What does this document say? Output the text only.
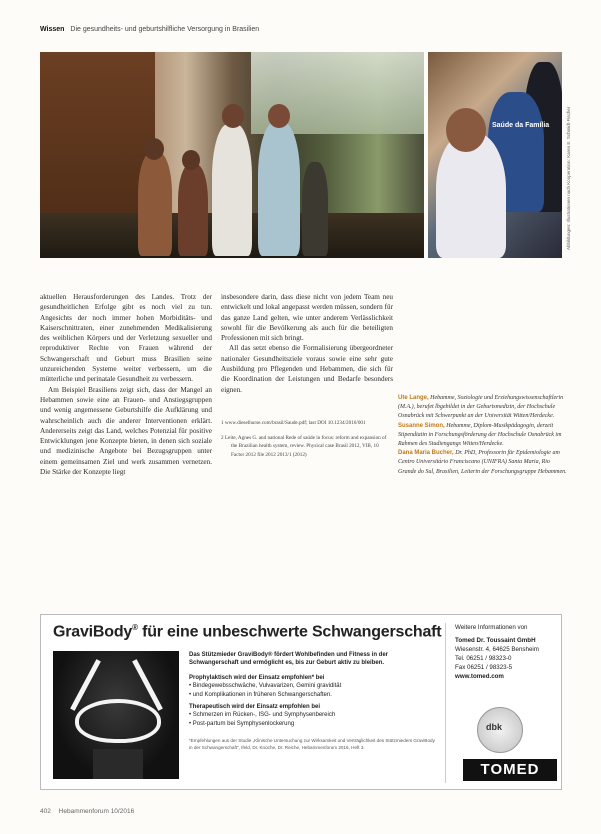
Wissen Die gesundheits- und geburtshilfliche Versorgung in Brasilien
Saúde da Família	Abbildungen: Illustrationen nach Kooperation: Karen E. Schmidt-Fischer

aktuellen Herausforderungen des Landes. Trotz der gesundheitlichen Erfolge gibt es noch viel zu tun. Angesichts der noch immer hohen Morbiditäts- und Kaiserschnittraten, einer zunehmenden Medikalisierung des weiblichen Körpers und der Verletzung sexueller und reproduktiver Rechte von Frauen während der Schwangerschaft und Geburt muss Brasilien seine unzureichenden Systeme weiter verbessern, um die mütterliche und perinatale Gesundheit zu verbessern.

Am Beispiel Brasiliens zeigt sich, dass der Mangel an Hebammen sowie eine an Frauen- und Anstiegsgruppen und wenig angemessene Geburtshilfe die Aufklärung und wahrscheinlich auch die anderer Interventionen erklärt. Andererseits zeigt das Land, welches Potenzial für positive Entwicklungen jene Konzepte bieten, in denen sich soziale und medizinische Angebote bei Bezugsgruppen unter einem gemeinsamen Ziel und werk zusammen vernetzen. Die Stärke der Konzepte liegt

insbesondere darin, dass diese nicht von jedem Team neu entwickelt und lokal angepasst werden müssen, sondern für das ganze Land gelten, wie unter anderem Verlässlichkeit sowohl für die Bevölkerung als auch für die beteiligten Professionen mit sich bringt.

All das setzt ebenso die Formalisierung übergeordneter nationaler Gesundheitsziele voraus sowie eine sehr gute Ausbildung pro Pflegenden und Hebammen, die sich für die Koordination der Leistungen und Bedarfe besonders eignen.

1 www.dieselhurse.com/brasil/Saude.pdf; last DOI 10.1234/2016/001
2 Leite, Agnes G. and national Rede of saúde in focus: reform and expansion of the Brazilian health system, review. Physical case Brasil 2012, VIB, 10 Factor 2012 file 2012 2013/1 (2012)
Ute Lange, Hebamme, Soziologie und Erziehungswissenschaftlerin (M.A.), berufet lbgebildet in der Geburtsmedizin, der Hochschule Osnabrück mit Schwerpunkt an der Universität Witten/Herdecke.
Susanne Simon, Hebamme, Diplom-Musikpädagogin, derzeit Stipendiatin in Forschungsförderung der Hochschule Osnabrück im Rahmen des Studiengangs Witten/Herdecke.
Dana Maria Bucher, Dr. PhD, Professorin für Epidemiologie am Centro Universitário Franciscano (UNIFRA) Santa Maria, Rio Grande do Sul, Brasilien, Leiterin der Forschungsgruppe Hebammen.
GraviBody® für eine unbeschwerte Schwangerschaft
Das Stützmieder GraviBody® fördert Wohlbefinden und Fitness in der Schwangerschaft und ermöglicht es, bis zur Geburt aktiv zu bleiben.
Prophylaktisch wird der Einsatz empfohlen* bei
• Bindegewebsschwäche, Vulvavarizen, Gemini gravidität
• und Komplikationen in früheren Schwangerschaften.
Therapeutisch wird der Einsatz empfohlen bei
• Schmerzen im Rücken-, ISG- und Symphysenbereich
• Post-partum bei Symphysenlockerung
*Empfehlungen aus der Studie „Klinische Untersuchung zur Wirksamkeit und Verträglichkeit des Stützmieders GraviBody in der Schwangerschaft“, Ifeld, Dr. Knoche, Dr. Reiche, Hebammenforum 2016, Heft 3.
Weitere Informationen von
Tomed Dr. Toussaint GmbH
Wiesenstr. 4, 64625 Bensheim
Tel. 06251 / 98323-0
Fax 06251 / 98323-5
www.tomed.com
dbk
TOMED
402 Hebammenforum 10/2016
